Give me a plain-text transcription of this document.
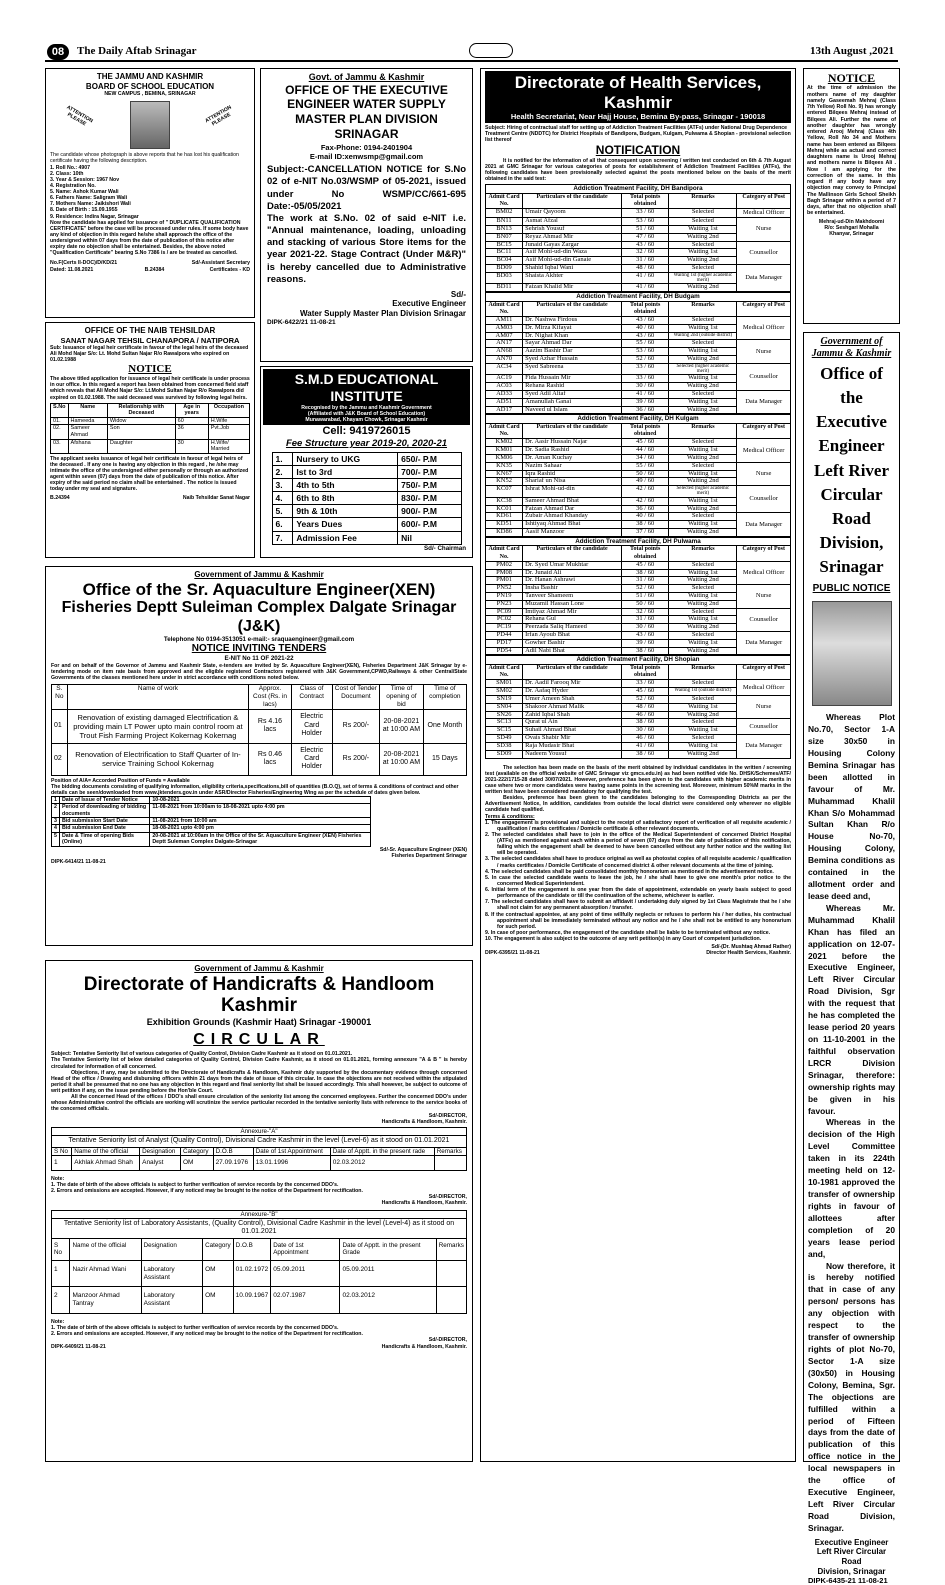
08	The Daily Aftab Srinagar	13th August ,2021
THE JAMMU AND KASHMIR
BOARD OF SCHOOL EDUCATION
NEW CAMPUS , BEMINA, SRINAGAR
ATTENTION PLEASE	ATTENTION PLEASE
The candidate whose photograph is above reports that he has lost his qualification certificate having the following description.
1. Roll No.: 4907
2. Class: 10th
3. Year & Session: 1967 Nov
4. Registration No.
5. Name: Ashok Kumar Wali
6. Fathers Name: Saligram Wali
7. Mothers Name: Jaikishori Wali
8. Date of Birth : 15.09.1955
9. Residence: Indira Nagar, Srinagar
Now the candidate has applied for issuance of " DUPLICATE QUALIFICATION CERTIFICATE" before the case will be processed under rules. If some body have any kind of objection in this regard he/she shall approach the office of the undersigned within 07 days from the date of publication of this notice after expiry date no objection shall be entertained. Besides, the above noted "Qualification Certificate" bearing S.No 7386 is / are be treated as cancelled.
No.F(Certs II-DOC)/D/KD/21
Dated: 11.08.2021	B.24384
Sd/-Assistant Secretary
Certificates - KD
OFFICE OF THE NAIB TEHSILDAR
SANAT NAGAR TEHSIL CHANAPORA / NATIPORA
Sub: Issuance of legal heir certificate in favour of the legal heirs of the deceased Ali Mohd Najar S/o: Lt. Mohd Sultan Najar R/o Rawalpora who expired on 01.02.1988
NOTICE
The above titled application for issuance of legal heir certificate is under process in our office. In this regard a report has been obtained from concerned field staff which reveals that Ali Mohd Najar S/o: Lt.Mohd Sultan Najar R/o Rawalpora did expired on 01.02.1988. The said deceased was survived by following legal heirs.
S.No	Name	Relationship with Deceased	Age in years	Occupation
01.	Hameeda	Widow	60	H.Wife
02.	Sameer Ahmad	Son	36	Pvt.Job
03.	Afshana	Daughter	30	H.Wife/ Married
The applicant seeks issuance of legal heir certificate in favour of legal heirs of the deceased . If any one is having any objection in this regard , he /she may intimate the office of the undersigned either personally or through an authorized agent within seven (07) days from the date of publication of this notice. After expiry of the said period no claim shall be entertained . The notice is issued today under my seal and signature.
B.24394	Naib Tehsildar Sanat Nagar
Govt. of Jammu & Kashmir
OFFICE OF THE EXECUTIVE ENGINEER WATER SUPPLY MASTER PLAN DIVISION SRINAGAR
Fax-Phone: 0194-2401904
E-mail ID:xenwsmp@gmail.com
Subject:-CANCELLATION NOTICE for S.No 02 of e-NIT No.03/WSMP of 05-2021, issued under No WSMP/CC/661-695 Date:-05/05/2021
The work at S.No. 02 of said e-NIT i.e. "Annual maintenance, loading, unloading and stacking of various Store items for the year 2021-22. Stage Contract (Under M&R)" is hereby cancelled due to Administrative reasons.
Sd/-
Executive Engineer
Water Supply Master Plan Division Srinagar
DIPK-6422/21 11-08-21
S.M.D EDUCATIONAL INSTITUTE
Recognised by the Jammu and Kashmir Government
(Affiliated with J&K Board of School Education)
Munawarabad, Khayam Chowk, Srinagar Kashmir
Cell: 9419726015
Fee Structure year 2019-20, 2020-21
1.	Nursery to UKG	650/- P.M
2.	Ist to 3rd	700/- P.M
3.	4th to 5th	750/- P.M
4.	6th to 8th	830/- P.M
5.	9th & 10th	900/- P.M
6.	Years Dues	600/- P.M
7.	Admission Fee	Nil
Sd/- Chairman
Government of Jammu & Kashmir
Office of the Sr. Aquaculture Engineer(XEN)
Fisheries Deptt Suleiman Complex Dalgate Srinagar (J&K)
Telephone No 0194-3513051 e-mail:- sraquaengineer@gmail.com
NOTICE INVITING TENDERS
E-NIT No 11 OF 2021-22
For and on behalf of the Governor of Jammu and Kashmir State, e-tenders are invited by Sr. Aquaculture Engineer(XEN), Fisheries Department J&K Srinagar by e-tendering mode on item rate basis from approved and the eligible registered Contractors registered with J&K Government,CPWD,Railways & other Central/State Governments of the classes mentioned here under in strict accordance with conditions noted below.
S. No	Name of work	Approx. Cost (Rs. in lacs)	Class of Contract	Cost of Tender Document	Time of opening of bid	Time of completion
01	Renovation of existing damaged Electrification & providing main LT Power upto main control room at Trout Fish Farming Project Kokernag Kokernag	Rs 4.16 lacs	Electric Card Holder	Rs 200/-	20-08-2021 at 10:00 AM	One Month
02	Renovation of Electrification to Staff Quarter of In-service Training School Kokernag	Rs 0.46 lacs	Electric Card Holder	Rs 200/-	20-08-2021 at 10:00 AM	15 Days
Position of A/A= Accorded Position of Funds = Available
The bidding documents consisting of qualifying information, eligibility criteria,specifications,bill of quantities (B.O.Q), set of terms & conditions of contract and other details can be seen/downloaded from www.jktenders.gov.in under ASR/Director Fisheries/Engineering Wing as per the schedule of dates given below.
1	Date of Issue of Tender Notice	10-08-2021
2	Period of downloading of bidding documents	11-08-2021 from 10:00am to 18-08-2021 upto 4:00 pm
3	Bid submission Start Date	11-08-2021 from 10:00 am
4	Bid submission End Date	18-08-2021 upto 4:00 pm
5	Date & Time of opening Bids (Online)	20-08-2021 at 10:00am In the Office of the Sr. Aquaculture Engineer (XEN) Fisheries Deptt Suleman Complex Dalgate-Srinagar
Sd/-Sr. Aquaculture Engineer (XEN)
Fisheries Department Srinagar
DIPK-6414/21 11-08-21
Government of Jammu & Kashmir
Directorate of Handicrafts & Handloom Kashmir
Exhibition Grounds (Kashmir Haat) Srinagar -190001
CIRCULAR
Subject: Tentative Seniority list of various categories of Quality Control, Division Cadre Kashmir as it stood on 01.01.2021.
The Tentative Seniority list of below detailed categories of Quality Control, Division Cadre Kashmir, as it stood on 01.01.2021, forming annexure "A & B " is hereby circulated for information of all concerned.
Objections, if any, may be submitted to the Directorate of Handicrafts & Handloom, Kashmir duly supported by the documentary evidence through concerned Head of the office / Drawing and disbursing officers within 21 days from the date of issue of this circular. In case the objections are not received within the stipulated period it shall be presumed that no one has any objection in this regard and final seniority list shall be issued accordingly. This shall however, be subject to outcome of writ petition if any, on the issue pending before the Hon'ble Court.
All the concerned Head of the offices / DDO's shall ensure circulation of the seniority list among the concerned employees. Further the concerned DDO's under whose Administrative control the officials are working will scrutinize the service particular recorded in the tentative seniority lists with reference to the service books of the concerned officials.
Sd/-DIRECTOR,
Handicrafts & Handloom, Kashmir.
Annexure-"A"
Tentative Seniority list of Analyst (Quality Control), Divisional Cadre Kashmir in the level (Level-6) as it stood on 01.01.2021
S No	Name of the official	Designation	Category	D.O.B	Date of 1st Appointment	Date of Apptt. in the present rade	Remarks
1	Akhlak Ahmad Shah	Analyst	OM	27.09.1976	13.01.1996	02.03.2012	
Note:
1. The date of birth of the above officials is subject to further verification of service records by the concerned DDO's.
2. Errors and omissions are accepted. However, if any noticed may be brought to the notice of the Department for rectification.
Sd/-DIRECTOR,
Handicrafts & Handloom, Kashmir.
Annexure-"B"
Tentative Seniority list of Laboratory Assistants, (Quality Control), Divisional Cadre Kashmir in the level (Level-4) as it stood on 01.01.2021
S No	Name of the official	Designation	Category	D.O.B	Date of 1st Appointment	Date of Apptt. in the present Grade	Remarks
1	Nazir Ahmad Wani	Laboratory Assistant	OM	01.02.1972	05.09.2011	05.09.2011	
2	Manzoor Ahmad Tantray	Laboratory Assistant	OM	10.09.1967	02.07.1987	02.03.2012	
Note:
1. The date of birth of the above officials is subject to further verification of service records by the concerned DDO's.
2. Errors and omissions are accepted. However, if any noticed may be brought to the notice of the Department for rectification.
Sd/-DIRECTOR,
DIPK-6409/21 11-08-21	Handicrafts & Handloom, Kashmir.
Directorate of Health Services, Kashmir
Health Secretariat, Near Hajj House, Bemina By-pass, Srinagar - 190018
Subject: Hiring of contractual staff for setting up of Addiction Treatment Facilities (ATFs) under National Drug Dependence Treatment Centre (NDDTC) for District Hospitals of Bandipora, Budgam, Kulgam, Pulwama & Shopian - provisional selection list thereof
NOTIFICATION
It is notified for the information of all that consequent upon screening / written test conducted on 6th & 7th August 2021 at GMC Srinagar for various categories of posts for establishment of Addiction Treatment Facilities (ATFs), the following candidates have been provisionally selected against the posts mentioned below on the basis of the merit obtained in the said test:
Addiction Treatment Facility, DH Bandipora				
Admit Card No.	Particulars of the candidate	Total points obtained	Remarks	Category of Post
BM02	Umair Qayoom	33 / 60	Selected	Medical Officer
BN11	Asmat Afzal	53 / 60	Selected	Nurse
BN13	Sehrish Yousuf	51 / 60	Waiting 1st	
BN07	Reyaz Ahmad Mir	47 / 60	Waiting 2nd	
BC15	Junaid Gayas Zargar	43 / 60	Selected	Counsellor
BC11	Asif Mohi-ud-din Waza	32 / 60	Waiting 1st	
BC04	Asif Mohi-ud-din Ganaie	31 / 60	Waiting 2nd	
BD09	Shahid Iqbal Wani	48 / 60	Selected	Data Manager
BD03	Shaista Akhter	41 / 60	Waiting 1st (higher academic merit)	
BD11	Faizan Khalid Mir	41 / 60	Waiting 2nd	
Addiction Treatment Facility, DH Budgam				
Admit Card No.	Particulars of the candidate	Total points obtained	Remarks	Category of Post
AM11	Dr. Nashwa Firdous	43 / 60	Selected	Medical Officer
AM03	Dr. Mirza Kifayat	40 / 60	Waiting 1st	
AM07	Dr. Nighat Khan	43 / 60	Waiting 2nd (outside district)	
AN17	Sayar Ahmad Dar	55 / 60	Selected	Nurse
AN68	Aazim Bashir Dar	53 / 60	Waiting 1st	
AN70	Syed Azhar Hussain	52 / 60	Waiting 2nd	
AC34	Syed Sabreena	33 / 60	Selected (higher academic merit)	Counsellor
AC19	Fida Hussain Mir	33 / 60	Waiting 1st	
AC03	Rehana Rashid	30 / 60	Waiting 2nd	
AD33	Syed Adil Altaf	41 / 60	Selected	Data Manager
AD51	Amanullah Ganai	39 / 60	Waiting 1st	
AD17	Naveed ul Islam	36 / 60	Waiting 2nd	
Addiction Treatment Facility, DH Kulgam				
Admit Card No.	Particulars of the candidate	Total points obtained	Remarks	Category of Post
KM02	Dr. Aasir Hussain Najar	45 / 60	Selected	Medical Officer
KM01	Dr. Sadia Rashid	44 / 60	Waiting 1st	
KM06	Dr. Aman Kuchay	34 / 60	Waiting 2nd	
KN35	Nazim Sahaar	55 / 60	Selected	Nurse
KN67	Iqra Rashid	50 / 60	Waiting 1st	
KN52	Shariaf un Nisa	49 / 60	Waiting 2nd	
KC07	Ishrat Mohi-ud-din	42 / 60	Selected (higher academic merit)	Counsellor
KC38	Sameer Ahmad Bhat	42 / 60	Waiting 1st	
KC01	Faizan Ahmad Dar	36 / 60	Waiting 2nd	
KD61	Zubair Ahmad Khanday	40 / 60	Selected	Data Manager
KD51	Ishtiyaq Ahmad Bhat	38 / 60	Waiting 1st	
KD86	Aasif Manzoor	37 / 60	Waiting 2nd	
Addiction Treatment Facility, DH Pulwama				
Admit Card No.	Particulars of the candidate	Total points obtained	Remarks	Category of Post
PM02	Dr. Syed Umar Mukhtar	45 / 60	Selected	Medical Officer
PM08	Dr. Junaid Ali	38 / 60	Waiting 1st	
PM01	Dr. Hanan Ashrawi	31 / 60	Waiting 2nd	
PN52	Insha Bashir	52 / 60	Selected	Nurse
PN19	Tanveer Shameem	51 / 60	Waiting 1st	
PN23	Muzamil Hassan Lone	50 / 60	Waiting 2nd	
PC09	Imtiyaz Ahmad Mir	32 / 60	Selected	Counsellor
PC02	Rehana Gul	31 / 60	Waiting 1st	
PC19	Peerzada Saliq Hameed	30 / 60	Waiting 2nd	
PD44	Irfan Ayoub Bhat	43 / 60	Selected	Data Manager
PD17	Gowher Bashir	39 / 60	Waiting 1st	
PD54	Adil Nabi Bhat	38 / 60	Waiting 2nd	
Addiction Treatment Facility, DH Shopian				
Admit Card No.	Particulars of the candidate	Total points obtained	Remarks	Category of Post
SM01	Dr. Aadil Farooq Mir	33 / 60	Selected	Medical Officer
SM02	Dr. Aafaq Hyder	45 / 60	Waiting 1st (outside district)	
SN19	Umer Ameen Shah	52 / 60	Selected	Nurse
SN04	Shakoor Ahmad Malik	48 / 60	Waiting 1st	
SN26	Zahid Iqbal Shah	46 / 60	Waiting 2nd	
SC13	Qurat ul Ain	38 / 60	Selected	Counsellor
SC15	Suhail Ahmad Bhat	30 / 60	Waiting 1st	
SD49	Ovais Shabir Mir	46 / 60	Selected	Data Manager
SD38	Raja Mudasir Bhat	41 / 60	Waiting 1st	
SD09	Nadeem Yousuf	38 / 60	Waiting 2nd	
The selection has been made on the basis of the merit obtained by individual candidates in the written / screening test (available on the official website of GMC Srinagar viz gmcs.edu.in) as had been notified vide No. DHSK/Schemes/ATF/ 2021-222/1715-28 dated 30/07/2021. However, preference has been given to the candidates with higher academic merits in case where two or more candidates were having same points in the screening test. Moreover, minimum 50%M marks in the written test have been considered mandatory for qualifying the test.
Besides, preference has been given to the candidates belonging to the Corresponding Districts as per the Advertisement Notice, In addition, candidates from outside the local district were considered only wherever no eligible candidate had qualified.
Terms & conditions:
1. The engagement is provisional and subject to the receipt of satisfactory report of verification of all requisite academic / qualification / marks certificates / Domicile certificate & other relevant documents.
2. The selected candidates shall have to join in the office of the Medical Superintendent of concerned District Hospital (ATFs) as mentioned against each within a period of seven (07) days from the date of publication of this notification, failing which the engagement shall be deemed to have been cancelled without any further notice and the waiting list will be operated.
3. The selected candidates shall have to produce original as well as photostat copies of all requisite academic / qualification / marks certificates / Domicile Certificate of concerned district & other relevant documents at the time of joining.
4. The selected candidates shall be paid consolidated monthly honorarium as mentioned in the advertisement notice.
5. In case the selected candidate wants to leave the job, he / she shall have to give one month's prior notice to the concerned Medical Superintendent.
6. Initial term of the engagement is one year from the date of appointment, extendable on yearly basis subject to good performance of the candidate or till the continuation of the scheme, whichever is earlier.
7. The selected candidates shall have to submit an affidavit / undertaking duly signed by 1st Class Magistrate that he / she shall not claim for any permanent absorption / transfer.
8. If the contractual appointee, at any point of time willfully neglects or refuses to perform his / her duties, his contractual appointment shall be immediately terminated without any notice and he / she shall not be entitled to any honorarium for such period.
9. In case of poor performance, the engagement of the candidate shall be liable to be terminated without any notice.
10. The engagement is also subject to the outcome of any writ petition(s) in any Court of competent jurisdiction.
Sd/-(Dr. Mushtaq Ahmad Rather)
DIPK-6395/21 11-08-21	Director Health Services, Kashmir.
NOTICE
At the time of admission the mothers name of my daughter namely Gaseemah Mehraj (Class 7th Yellow) Roll No. 9) has wrongly entered Bilqees Mehraj instead of Bilqees Ali. Further the name of another daughter has wrongly entered Arooj Mehraj (Class 4th Yellow, Roll No 34 and Mothers name has been entered as Bilqees Mehraj while as actual and correct daughters name is Urooj Mehraj and mothers name is Bilqees Ali . Now I am applying for the correction of the same. In this regard if any body have any objection may convey to Principal The Mallinson Girls School Sheikh Bagh Srinagar within a period of 7 days, after that no objection shall be entertained.
Mehraj-ud-Din Makhdoomi
R/o: Seshgari Mohalla
Khanyar, Srinagar
Government of
Jammu & Kashmir
Office of the Executive Engineer Left River Circular Road Division, Srinagar
PUBLIC NOTICE
Whereas Plot No.70, Sector 1-A size 30x50 in Housing Colony Bemina Srinagar has been allotted in favour of Mr. Muhammad Khalil Khan S/o Mohammad Sultan Khan R/o House No-70, Housing Colony, Bemina conditions as contained in the allotment order and lease deed and,
Whereas Mr. Muhammad Khalil Khan has filed an application on 12-07-2021 before the Executive Engineer, Left River Circular Road Division, Sgr with the request that he has completed the lease period 20 years on 11-10-2001 in the faithful observation LRCR Division Srinagar, therefore: ownership rights may be given in his favour.
Whereas in the decision of the High Level Committee taken in its 224th meeting held on 12-10-1981 approved the transfer of ownership rights in favour of allottees after completion of 20 years lease period and,
Now therefore, it is hereby notified that in case of any person/ persons has any objection with respect to the transfer of ownership rights of plot No-70, Sector 1-A size (30x50) in Housing Colony, Bemina, Sgr. The objections are fulfilled within a period of Fifteen days from the date of publication of this office notice in the local newspapers in the office of Executive Engineer, Left River Circular Road Division, Srinagar.
Executive Engineer
Left River Circular Road
Division, Srinagar
DIPK-6435-21 11-08-21
